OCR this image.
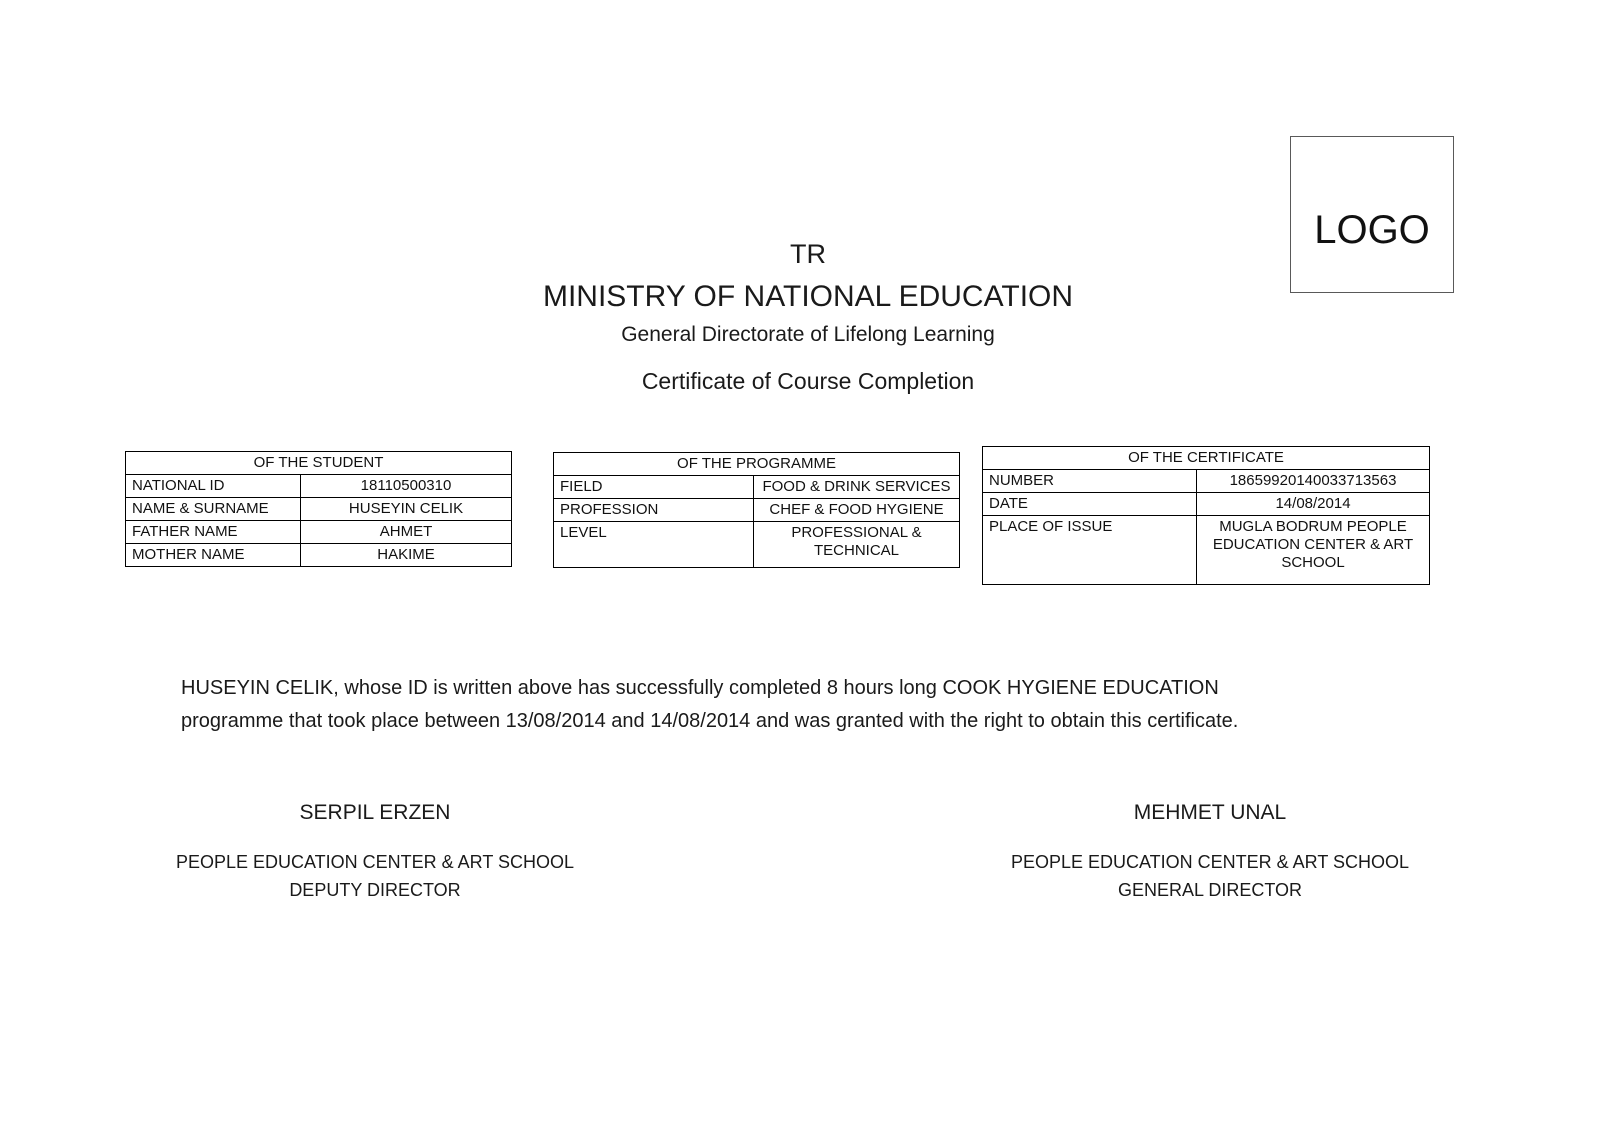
LOGO
TR
MINISTRY OF NATIONAL EDUCATION
General Directorate of Lifelong Learning
Certificate of Course Completion
OF THE STUDENT	
NATIONAL ID	18110500310
NAME & SURNAME	HUSEYIN CELIK
FATHER NAME	AHMET
MOTHER NAME	HAKIME
OF THE PROGRAMME	
FIELD	FOOD & DRINK SERVICES
PROFESSION	CHEF & FOOD HYGIENE
LEVEL	PROFESSIONAL & TECHNICAL
OF THE CERTIFICATE	
NUMBER	18659920140033713563
DATE	14/08/2014
PLACE OF ISSUE	MUGLA BODRUM PEOPLE EDUCATION CENTER & ART SCHOOL
HUSEYIN CELIK, whose ID is written above has successfully completed 8 hours long COOK HYGIENE EDUCATION
programme that took place between 13/08/2014 and 14/08/2014 and was granted with the right to obtain this certificate.
SERPIL ERZEN
PEOPLE EDUCATION CENTER & ART SCHOOL
DEPUTY DIRECTOR
MEHMET UNAL
PEOPLE EDUCATION CENTER & ART SCHOOL
GENERAL DIRECTOR
